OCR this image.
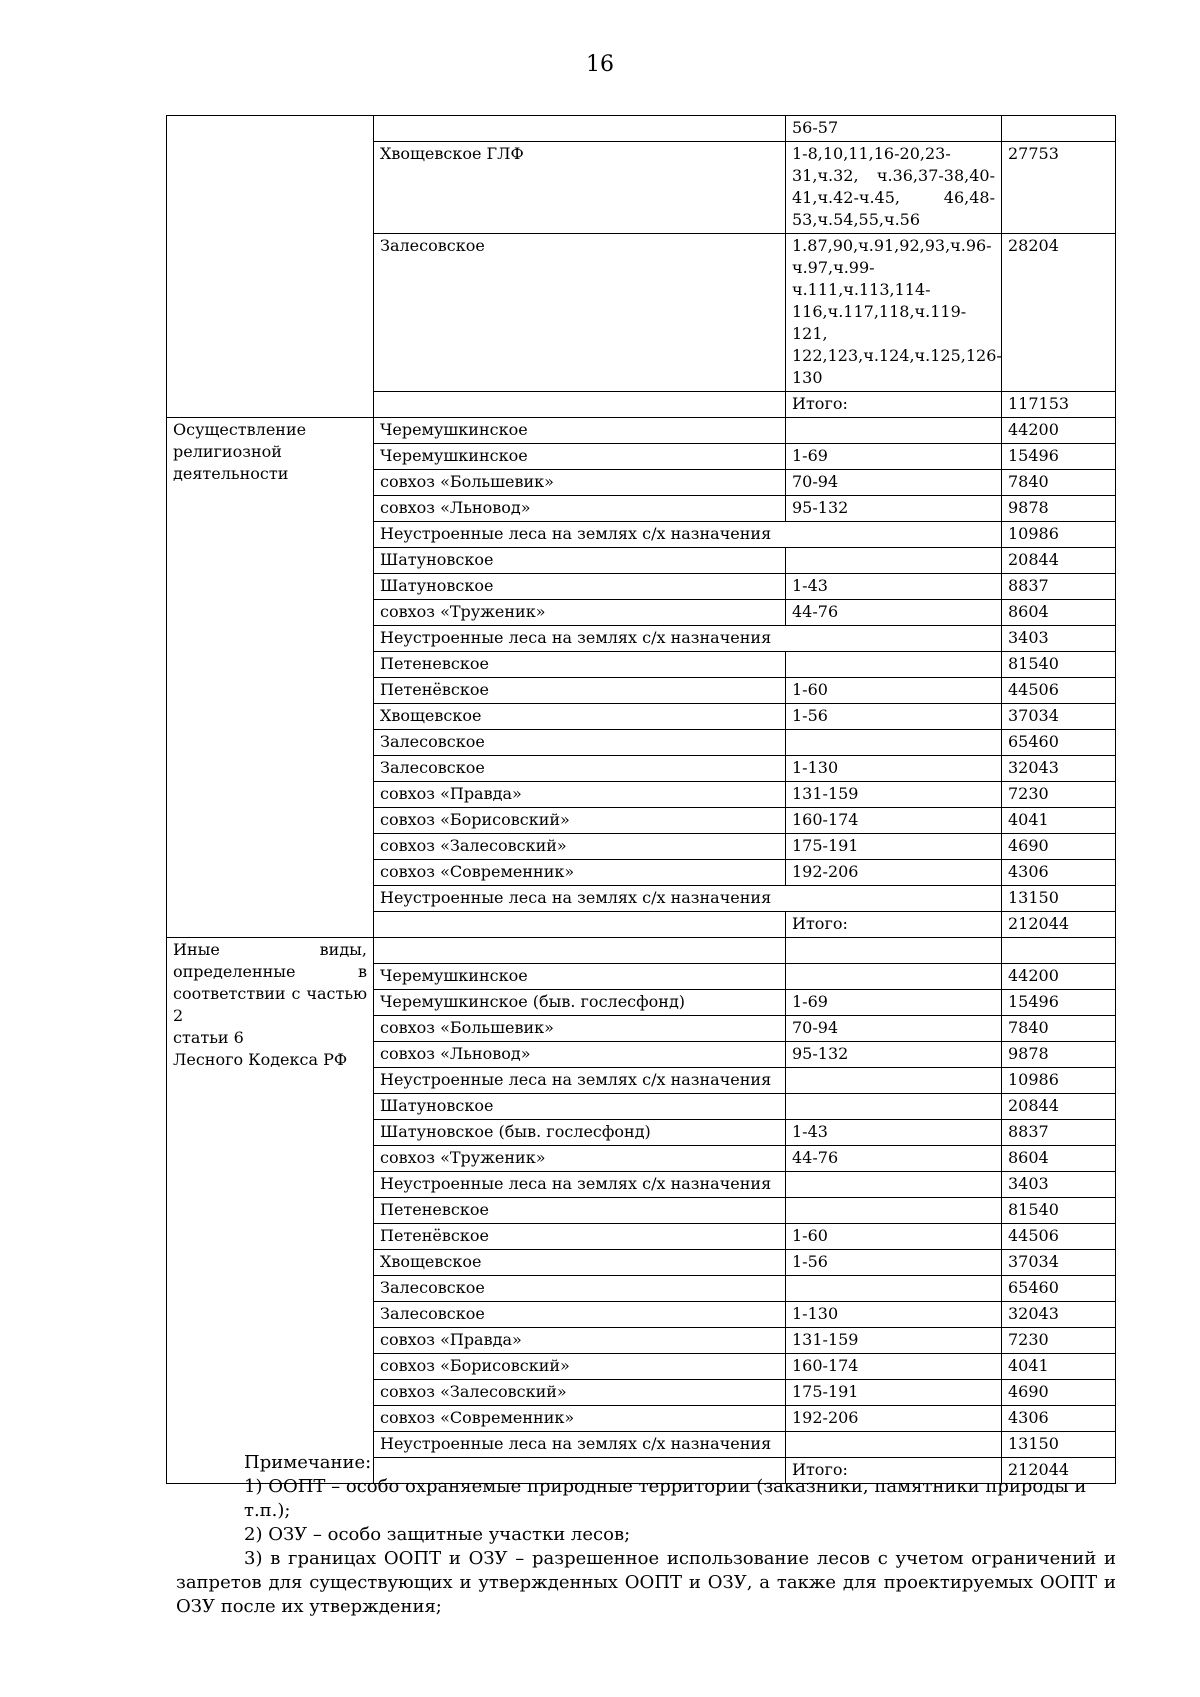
16
		56-57	
	Хвощевское ГЛФ	1-8,10,11,16-20,23-
31,ч.32, ч.36,37-38,40-
41,ч.42-ч.45, 46,48-
53,ч.54,55,ч.56	27753
	Залесовское	1.87,90,ч.91,92,93,ч.96-
ч.97,ч.99-ч.111,ч.113,114-
116,ч.117,118,ч.119-121,
122,123,ч.124,ч.125,126-
130	28204
		Итого:	117153

Осуществление
религиозной
деятельности	Черемушкинское		44200
	Черемушкинское	1-69	15496
	совхоз «Большевик»	70-94	7840
	совхоз «Льновод»	95-132	9878
	Неустроенные леса на землях с/х назначения		10986
	Шатуновское		20844
	Шатуновское	1-43	8837
	совхоз «Труженик»	44-76	8604
	Неустроенные леса на землях с/х назначения		3403
	Петеневское		81540
	Петенёвское	1-60	44506
	Хвощевское	1-56	37034
	Залесовское		65460
	Залесовское	1-130	32043
	совхоз «Правда»	131-159	7230
	совхоз «Борисовский»	160-174	4041
	совхоз «Залесовский»	175-191	4690
	совхоз «Современник»	192-206	4306
	Неустроенные леса на землях с/х назначения		13150
		Итого:	212044

Иные виды,
определенные в
соответствии с частью 2
статьи 6
Лесного Кодекса РФ			

	Черемушкинское		44200
	Черемушкинское (быв. гослесфонд)	1-69	15496
	совхоз «Большевик»	70-94	7840
	совхоз «Льновод»	95-132	9878
	Неустроенные леса на землях с/х назначения		10986
	Шатуновское		20844
	Шатуновское (быв. гослесфонд)	1-43	8837
	совхоз «Труженик»	44-76	8604
	Неустроенные леса на землях с/х назначения		3403
	Петеневское		81540
	Петенёвское	1-60	44506
	Хвощевское	1-56	37034
	Залесовское		65460
	Залесовское	1-130	32043
	совхоз «Правда»	131-159	7230
	совхоз «Борисовский»	160-174	4041
	совхоз «Залесовский»	175-191	4690
	совхоз «Современник»	192-206	4306
	Неустроенные леса на землях с/х назначения		13150
		Итого:	212044
Примечание:
1) ООПТ – особо охраняемые природные территории (заказники, памятники природы и т.п.);
2) ОЗУ – особо защитные участки лесов;

3) в границах ООПТ и ОЗУ – разрешенное использование лесов с учетом ограничений и запретов для существующих и утвержденных ООПТ и ОЗУ, а также для проектируемых ООПТ и ОЗУ после их утверждения;
